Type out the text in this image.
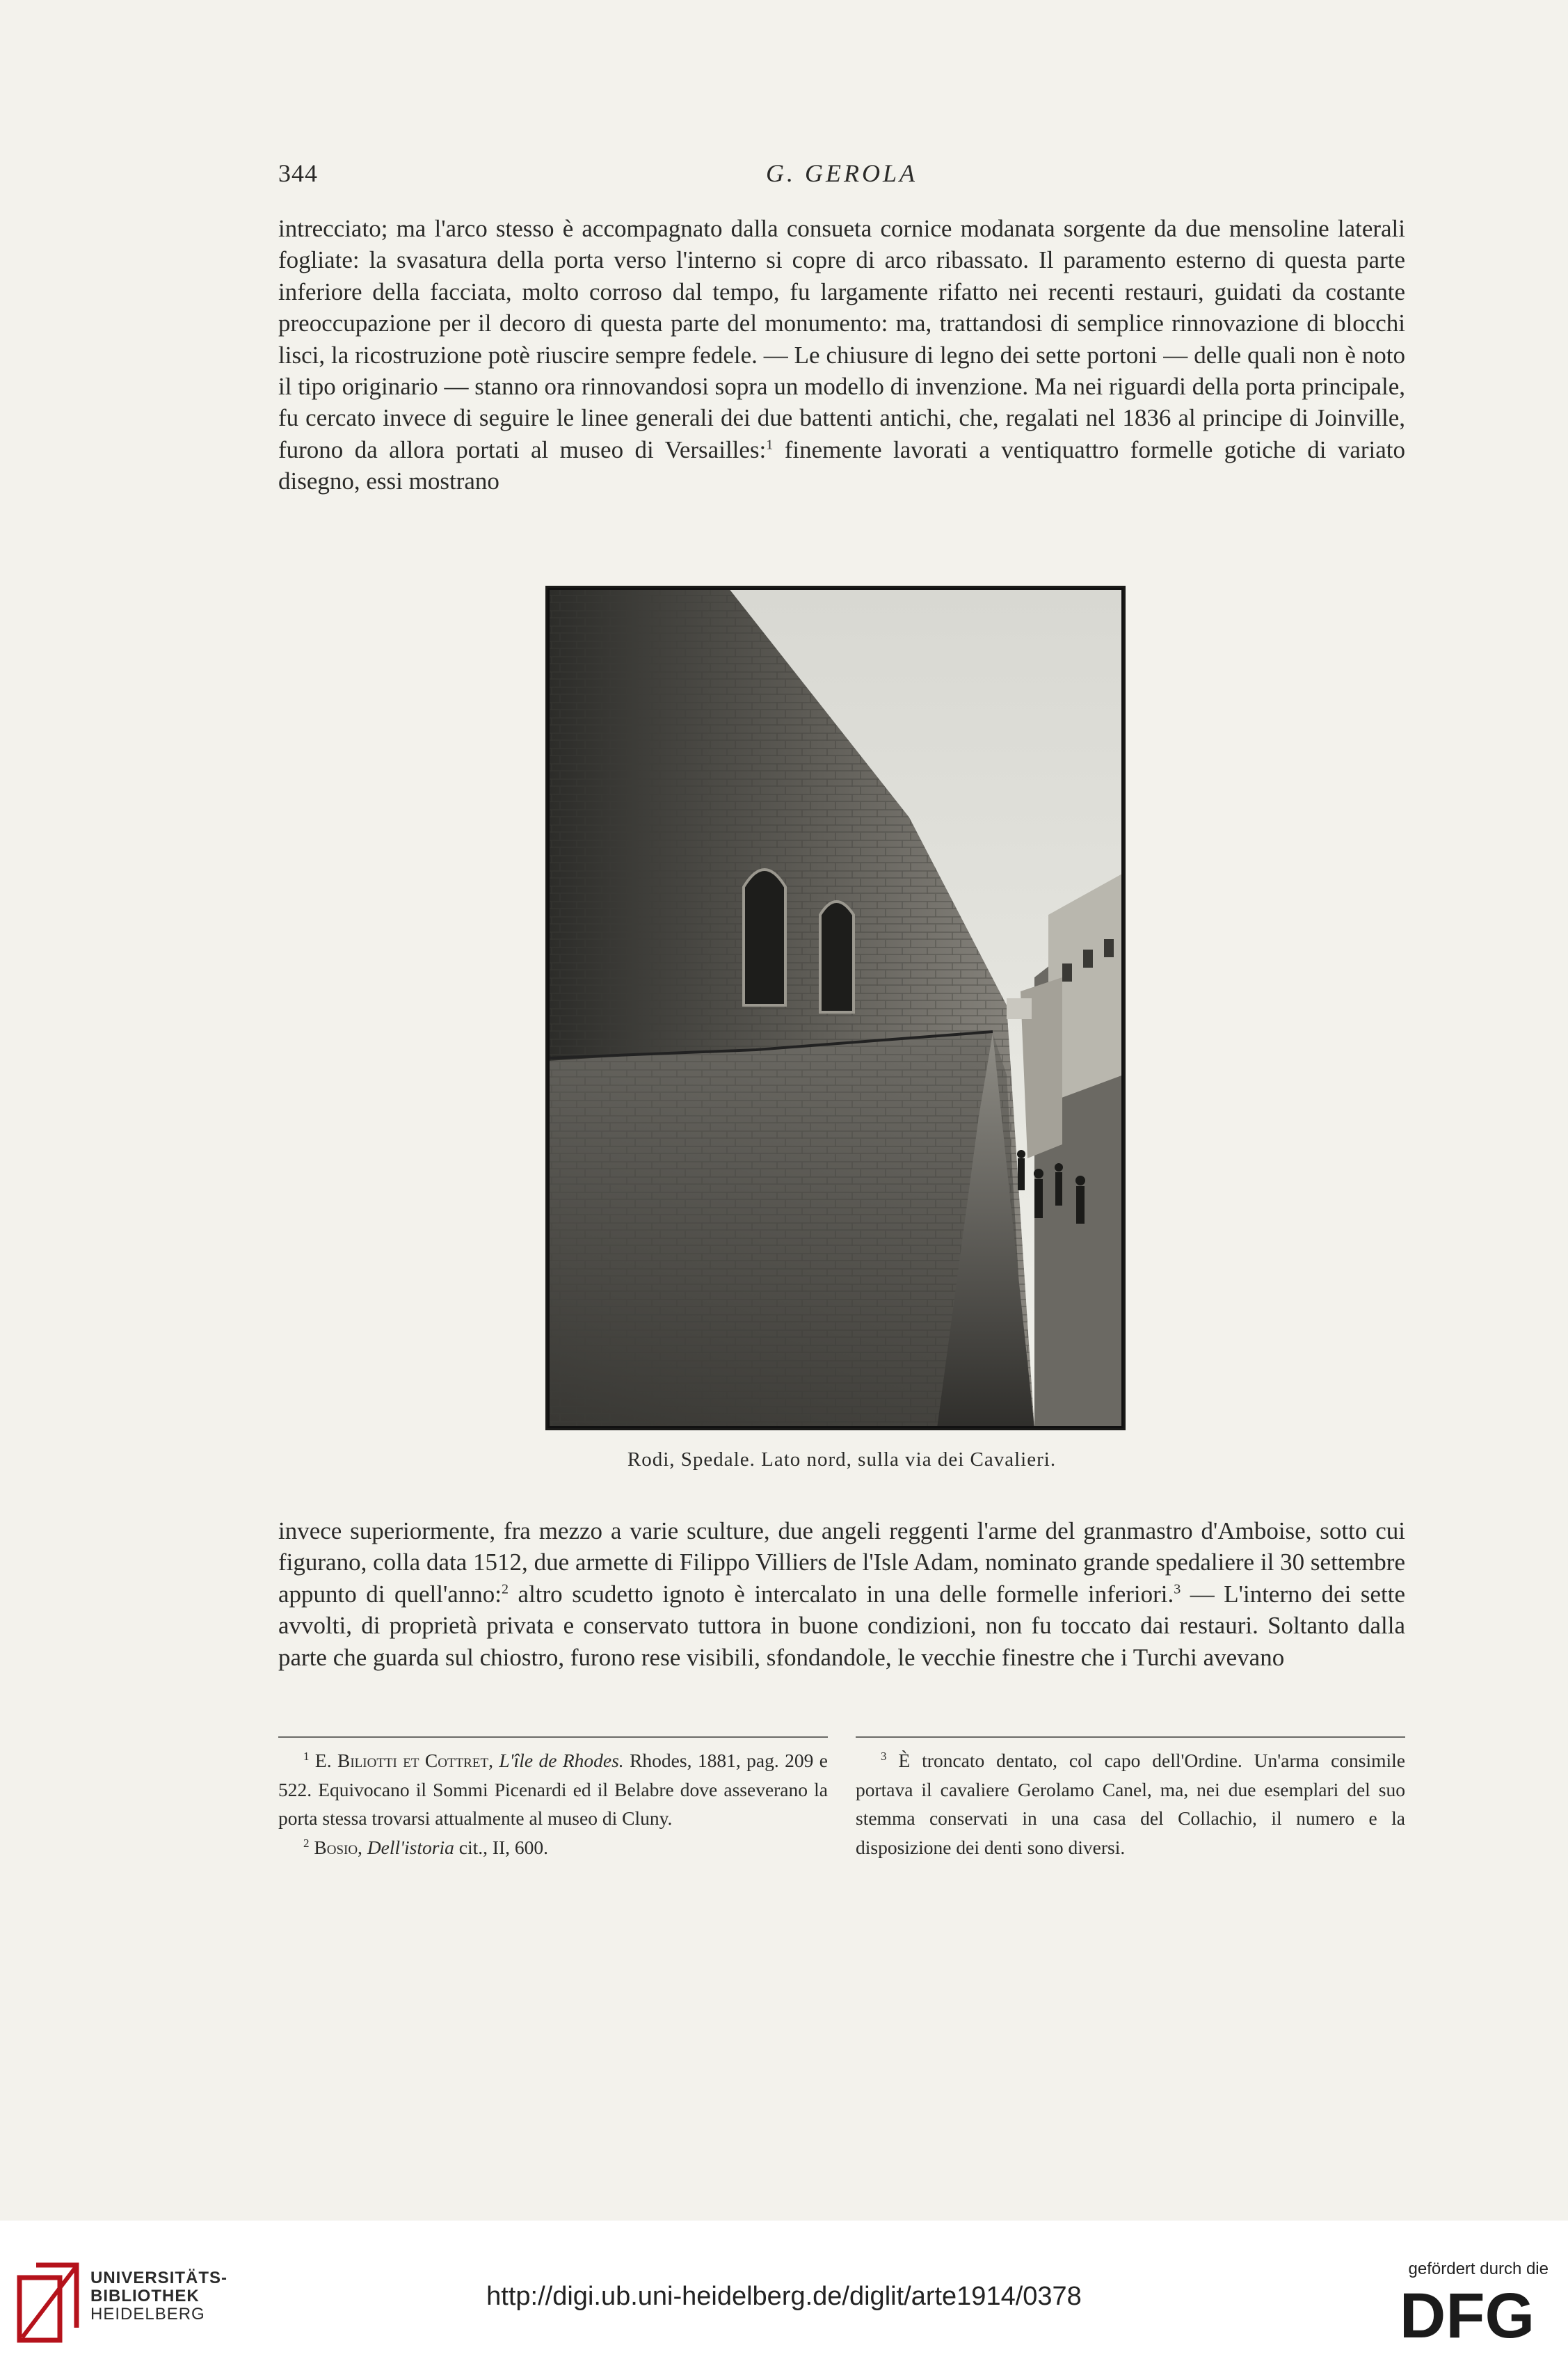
344	G. GEROLA

intrecciato; ma l'arco stesso è accompagnato dalla consueta cornice modanata sorgente da due mensoline laterali fogliate: la svasatura della porta verso l'interno si copre di arco ribassato. Il paramento esterno di questa parte inferiore della facciata, molto corroso dal tempo, fu largamente rifatto nei recenti restauri, guidati da costante preoccupazione per il decoro di questa parte del monumento: ma, trattandosi di semplice rinnovazione di blocchi lisci, la ricostruzione potè riuscire sempre fedele. — Le chiusure di legno dei sette portoni — delle quali non è noto il tipo originario — stanno ora rinnovandosi sopra un modello di invenzione. Ma nei riguardi della porta principale, fu cercato invece di seguire le linee generali dei due battenti antichi, che, regalati nel 1836 al principe di Joinville, furono da allora portati al museo di Versailles:$^1$ finemente lavorati a ventiquattro formelle gotiche di variato disegno, essi mostrano

Rodi, Spedale. Lato nord, sulla via dei Cavalieri.

invece superiormente, fra mezzo a varie sculture, due angeli reggenti l'arme del granmastro d'Amboise, sotto cui figurano, colla data 1512, due armette di Filippo Villiers de l'Isle Adam, nominato grande spedaliere il 30 settembre appunto di quell'anno:$^2$ altro scudetto ignoto è intercalato in una delle formelle inferiori.$^3$ — L'interno dei sette avvolti, di proprietà privata e conservato tuttora in buone condizioni, non fu toccato dai restauri. Soltanto dalla parte che guarda sul chiostro, furono rese visibili, sfondandole, le vecchie finestre che i Turchi avevano

$^1$ E. Biliotti et Cottret, L'île de Rhodes. Rhodes, 1881, pag. 209 e 522. Equivocano il Sommi Picenardi ed il Belabre dove asseverano la porta stessa trovarsi attualmente al museo di Cluny.

$^2$ Bosio, Dell'istoria cit., II, 600.

$^3$ È troncato dentato, col capo dell'Ordine. Un'arma consimile portava il cavaliere Gerolamo Canel, ma, nei due esemplari del suo stemma conservati in una casa del Collachio, il numero e la disposizione dei denti sono diversi.

UNIVERSITÄTS-
BIBLIOTHEK
HEIDELBERG
http://digi.ub.uni-heidelberg.de/diglit/arte1914/0378
gefördert durch die
DFG
